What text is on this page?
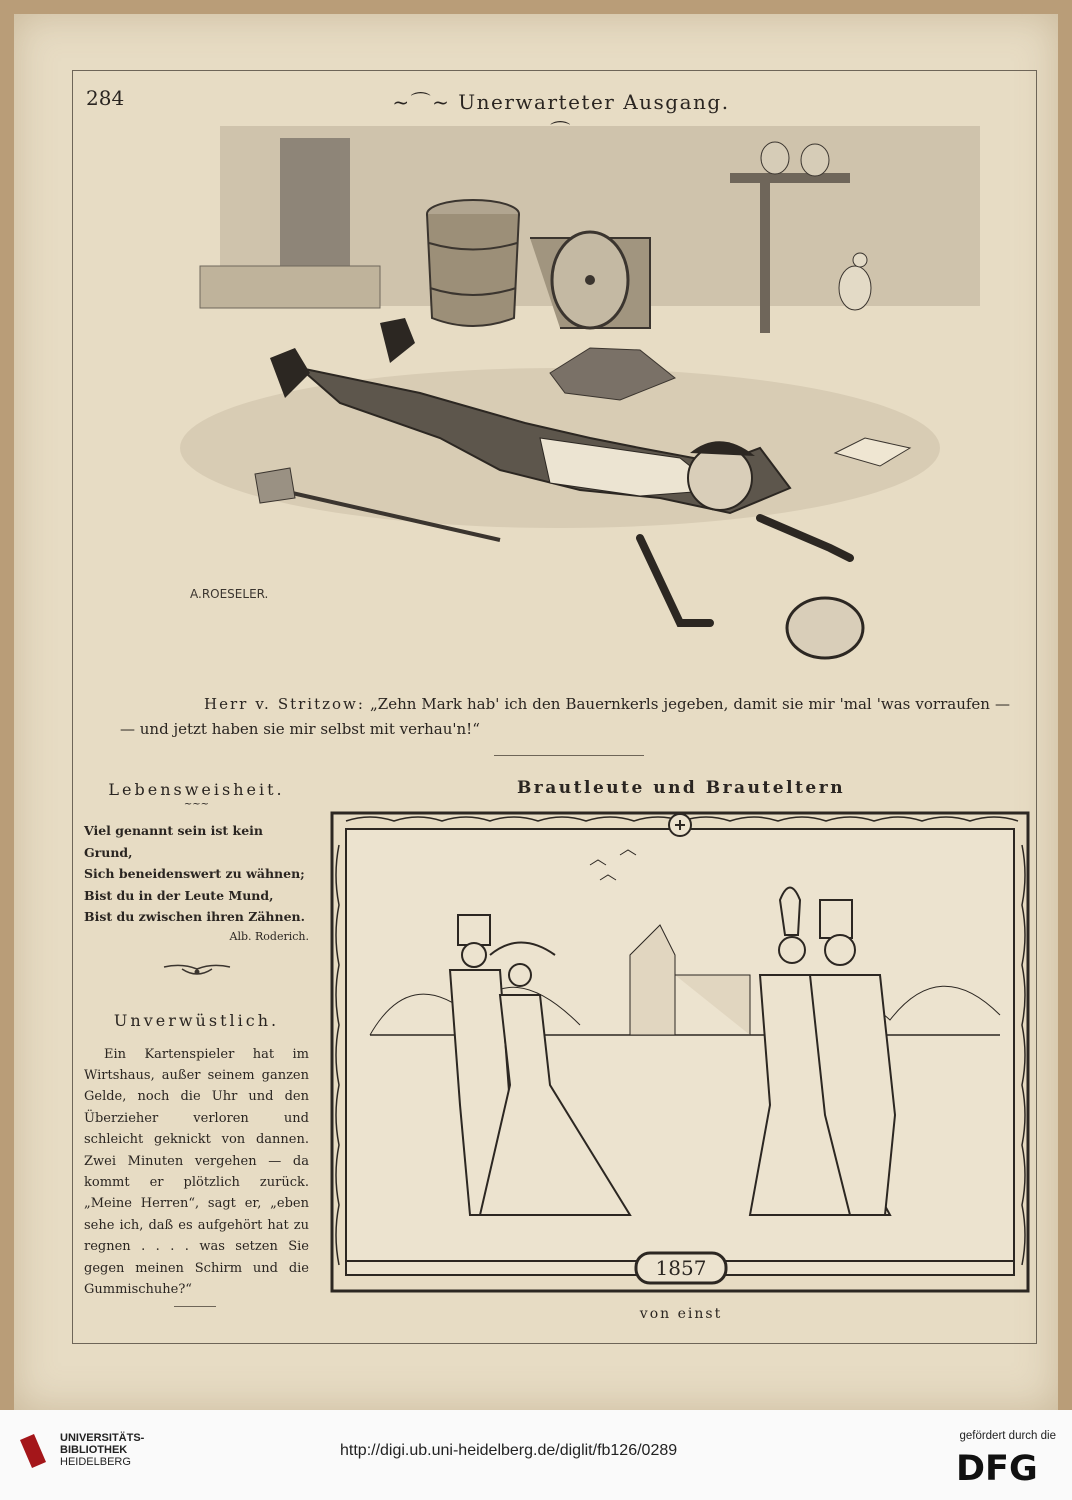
284	~⌒~ Unerwarteter Ausgang.
A.ROESELER.
Herr v. Stritzow: „Zehn Mark hab' ich den Bauernkerls jegeben, damit sie mir 'mal 'was vorraufen — — und jetzt haben sie mir selbst mit verhau'n!“
Lebensweisheit.
~~~
Viel genannt sein ist kein Grund,
Sich beneidenswert zu wähnen;
Bist du in der Leute Mund,
Bist du zwischen ihren Zähnen.
Alb. Roderich.
Unverwüstlich.
Ein Kartenspieler hat im Wirtshaus, außer seinem ganzen Gelde, noch die Uhr und den Überzieher verloren und schleicht geknickt von dannen. Zwei Minuten vergehen — da kommt er plötzlich zurück. „Meine Herren“, sagt er, „eben sehe ich, daß es aufgehört hat zu regnen . . . . was setzen Sie gegen meinen Schirm und die Gummischuhe?“
Brautleute und Brauteltern
1857
von einst
UNIVERSITÄTS-
BIBLIOTHEK
HEIDELBERG
http://digi.ub.uni-heidelberg.de/diglit/fb126/0289
gefördert durch die
DFG
